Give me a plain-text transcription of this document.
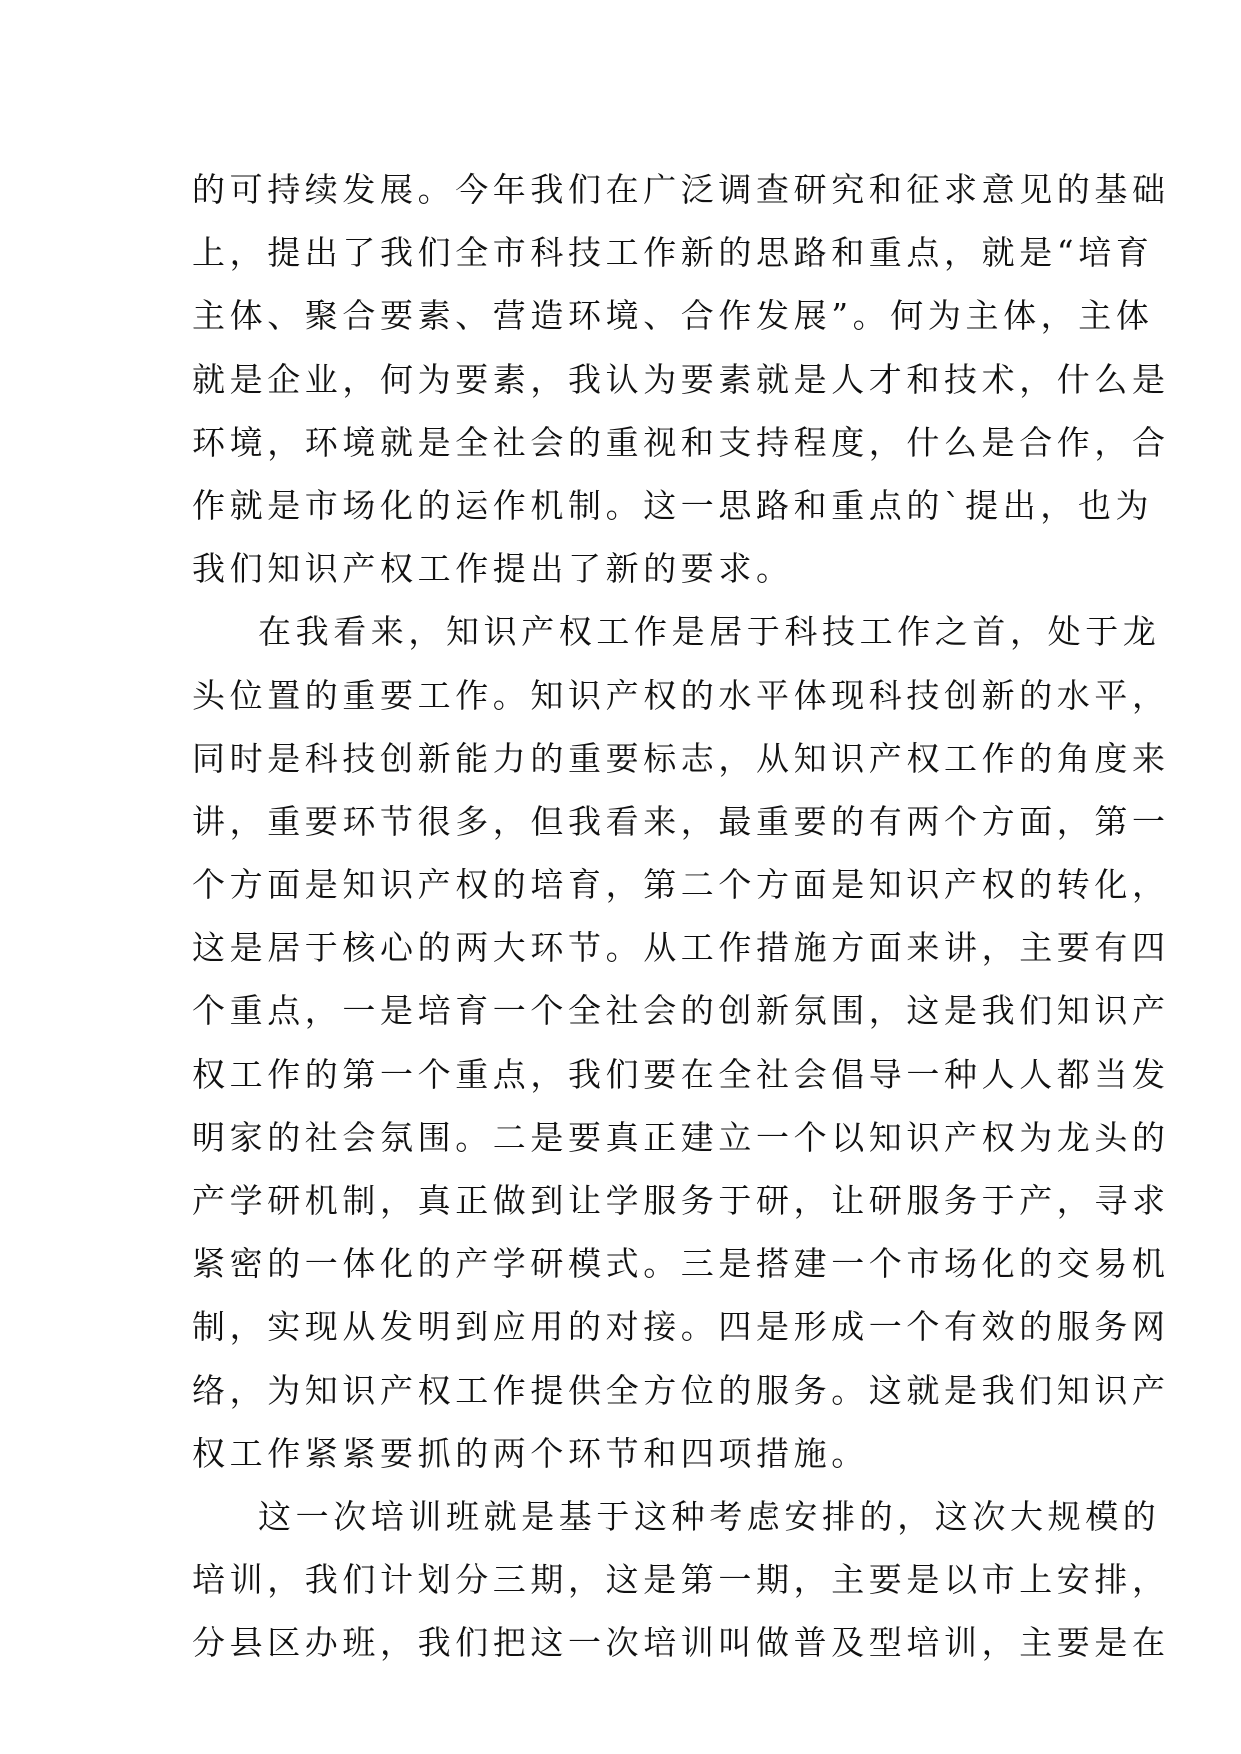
的可持续发展。今年我们在广泛调查研究和征求意见的基础
上，提出了我们全市科技工作新的思路和重点，就是“培育
主体、聚合要素、营造环境、合作发展”。何为主体，主体
就是企业，何为要素，我认为要素就是人才和技术，什么是
环境，环境就是全社会的重视和支持程度，什么是合作，合
作就是市场化的运作机制。这一思路和重点的`提出，也为
我们知识产权工作提出了新的要求。
在我看来，知识产权工作是居于科技工作之首，处于龙
头位置的重要工作。知识产权的水平体现科技创新的水平，
同时是科技创新能力的重要标志，从知识产权工作的角度来
讲，重要环节很多，但我看来，最重要的有两个方面，第一
个方面是知识产权的培育，第二个方面是知识产权的转化，
这是居于核心的两大环节。从工作措施方面来讲，主要有四
个重点，一是培育一个全社会的创新氛围，这是我们知识产
权工作的第一个重点，我们要在全社会倡导一种人人都当发
明家的社会氛围。二是要真正建立一个以知识产权为龙头的
产学研机制，真正做到让学服务于研，让研服务于产，寻求
紧密的一体化的产学研模式。三是搭建一个市场化的交易机
制，实现从发明到应用的对接。四是形成一个有效的服务网
络，为知识产权工作提供全方位的服务。这就是我们知识产
权工作紧紧要抓的两个环节和四项措施。
这一次培训班就是基于这种考虑安排的，这次大规模的
培训，我们计划分三期，这是第一期，主要是以市上安排，
分县区办班，我们把这一次培训叫做普及型培训，主要是在
